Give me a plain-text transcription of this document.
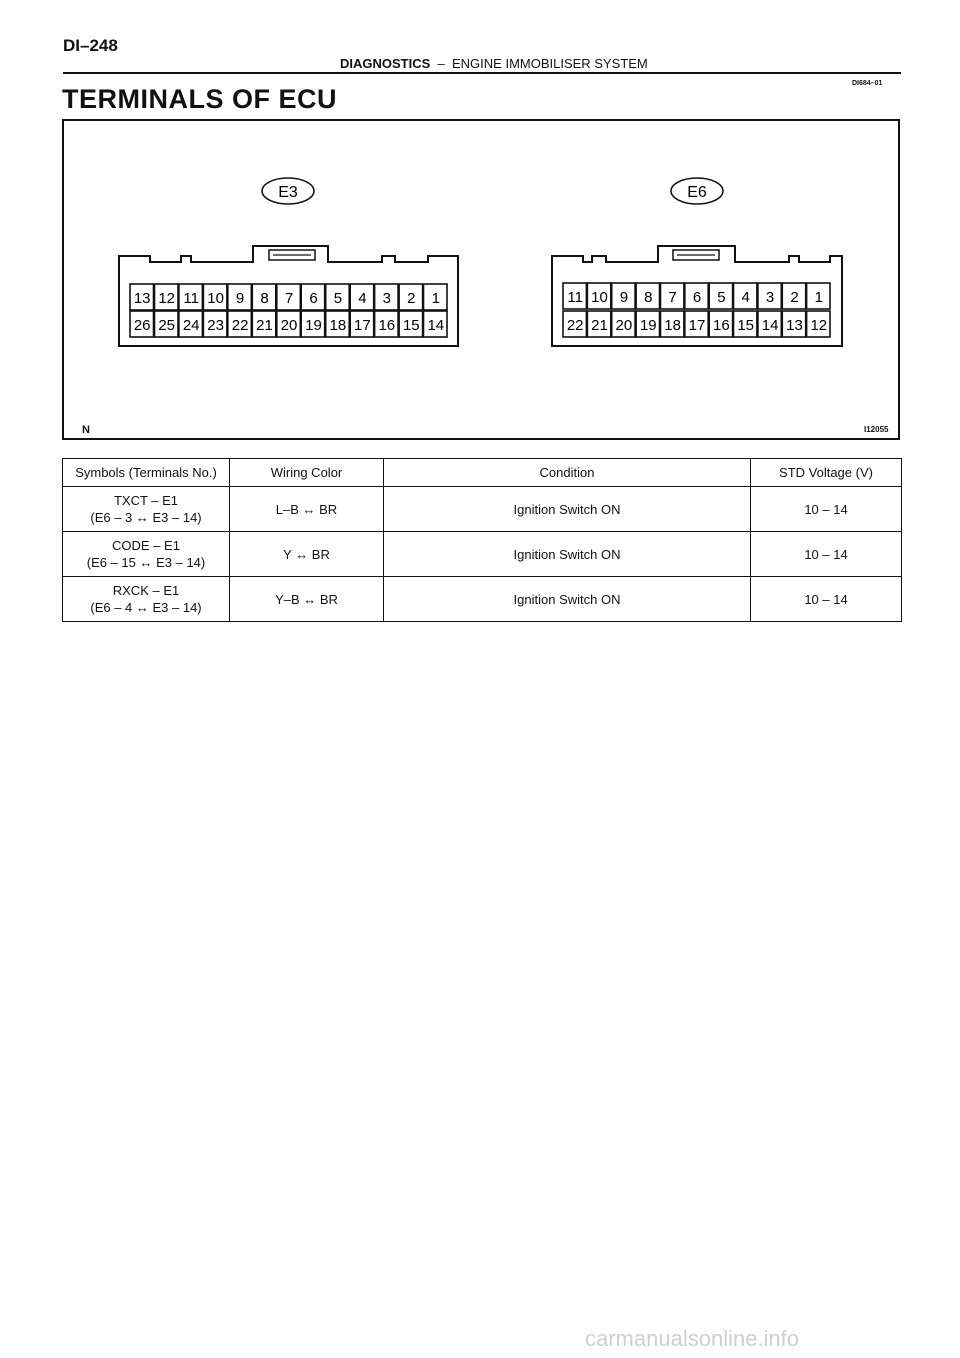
DI–248
DIAGNOSTICS – ENGINE IMMOBILISER SYSTEM
DI684–01
TERMINALS OF ECU
13 12 11 10 9 8 7 6 5 4 3 2 1
26 25 24 23 22 21 20 19 18 17 16 15 14
E3
11 10 9 8 7 6 5 4 3 2 1
22 21 20 19 18 17 16 15 14 13 12
E6
N	I12055
Symbols (Terminals No.)	Wiring Color	Condition	STD Voltage (V)
TXCT – E1
(E6 – 3 ↔ E3 – 14)	L–B ↔ BR	Ignition Switch ON	10 – 14
CODE – E1
(E6 – 15 ↔ E3 – 14)	Y ↔ BR	Ignition Switch ON	10 – 14
RXCK – E1
(E6 – 4 ↔ E3 – 14)	Y–B ↔ BR	Ignition Switch ON	10 – 14
carmanualsonline.info
